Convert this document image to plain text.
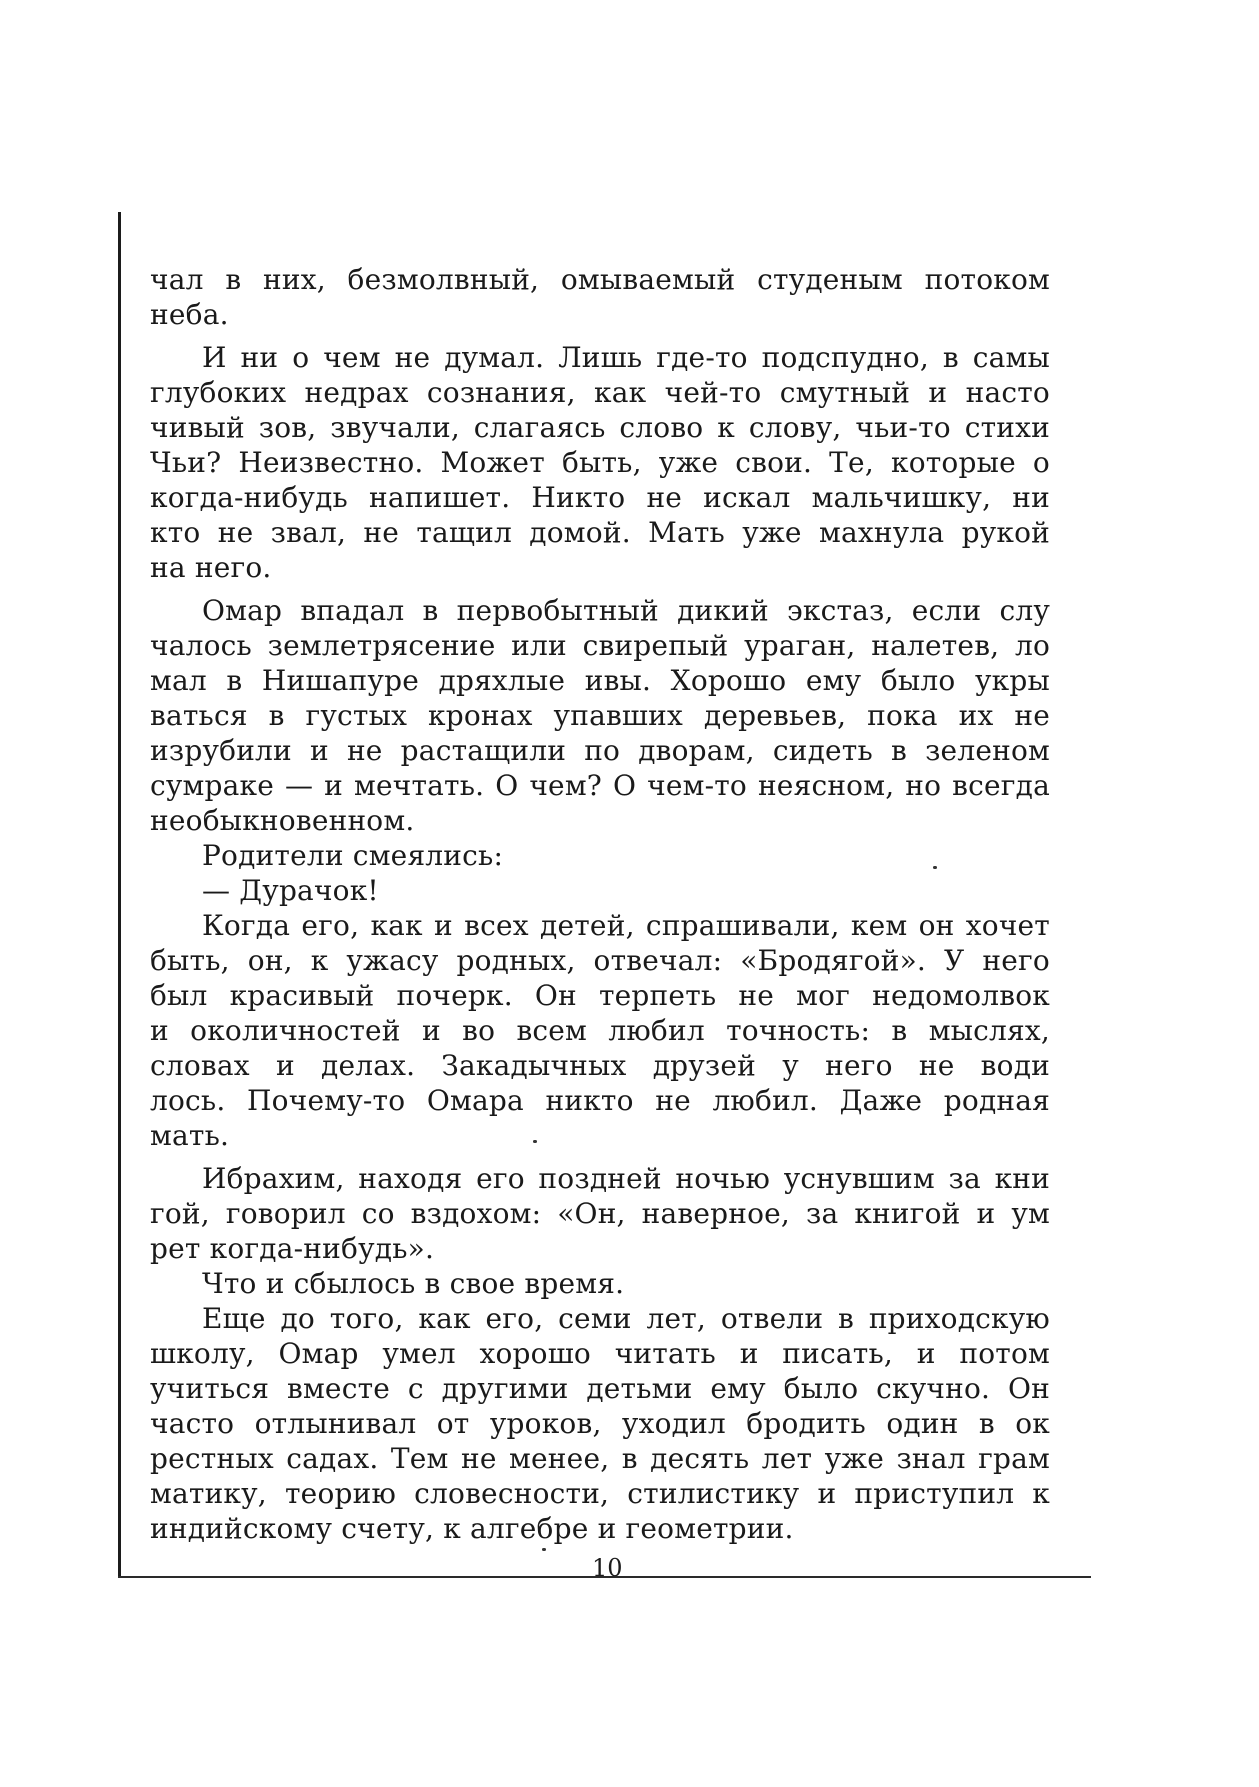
чал в них, безмолвный, омываемый студеным потоком
неба.
И ни о чем не думал. Лишь где-то подспудно, в самы
глубоких недрах сознания, как чей-то смутный и насто
чивый зов, звучали, слагаясь слово к слову, чьи-то стихи
Чьи? Неизвестно. Может быть, уже свои. Те, которые о
когда-нибудь напишет. Никто не искал мальчишку, ни
кто не звал, не тащил домой. Мать уже махнула рукой
на него.
Омар впадал в первобытный дикий экстаз, если слу
чалось землетрясение или свирепый ураган, налетев, ло
мал в Нишапуре дряхлые ивы. Хорошо ему было укры
ваться в густых кронах упавших деревьев, пока их не
изрубили и не растащили по дворам, сидеть в зеленом
сумраке — и мечтать. О чем? О чем-то неясном, но всегда
необыкновенном.
Родители смеялись:
— Дурачок!
Когда его, как и всех детей, спрашивали, кем он хочет
быть, он, к ужасу родных, отвечал: «Бродягой». У него
был красивый почерк. Он терпеть не мог недомолвок
и околичностей и во всем любил точность: в мыслях,
словах и делах. Закадычных друзей у него не води
лось. Почему-то Омара никто не любил. Даже родная
мать.
Ибрахим, находя его поздней ночью уснувшим за кни
гой, говорил со вздохом: «Он, наверное, за книгой и ум
рет когда-нибудь».
Что и сбылось в свое время.
Еще до того, как его, семи лет, отвели в приходскую
школу, Омар умел хорошо читать и писать, и потом
учиться вместе с другими детьми ему было скучно. Он
часто отлынивал от уроков, уходил бродить один в ок
рестных садах. Тем не менее, в десять лет уже знал грам
матику, теорию словесности, стилистику и приступил к
индийскому счету, к алгебре и геометрии.
10
